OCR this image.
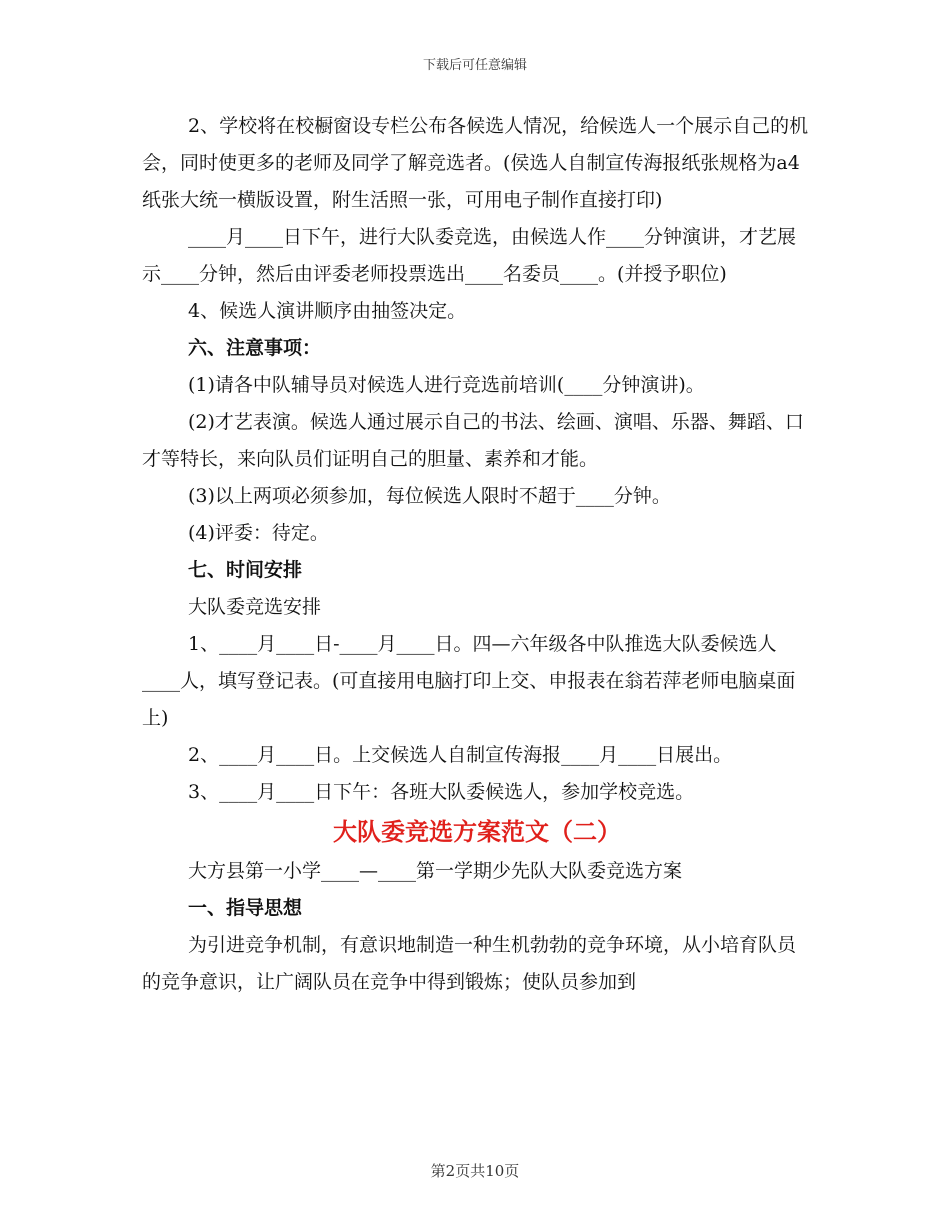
下载后可任意编辑

2、学校将在校橱窗设专栏公布各候选人情况，给候选人一个展示自己的机会，同时使更多的老师及同学了解竞选者。(侯选人自制宣传海报纸张规格为a4纸张大统一横版设置，附生活照一张，可用电子制作直接打印)

____月____日下午，进行大队委竞选，由候选人作____分钟演讲，才艺展示____分钟，然后由评委老师投票选出____名委员____。(并授予职位)

4、候选人演讲顺序由抽签决定。

六、注意事项：

(1)请各中队辅导员对候选人进行竞选前培训(____分钟演讲)。

(2)才艺表演。候选人通过展示自己的书法、绘画、演唱、乐器、舞蹈、口才等特长，来向队员们证明自己的胆量、素养和才能。

(3)以上两项必须参加，每位候选人限时不超于____分钟。

(4)评委：待定。

七、时间安排

大队委竞选安排

1、____月____日-____月____日。四—六年级各中队推选大队委候选人____人，填写登记表。(可直接用电脑打印上交、申报表在翁若萍老师电脑桌面上)

2、____月____日。上交候选人自制宣传海报____月____日展出。

3、____月____日下午：各班大队委候选人，参加学校竞选。

大队委竞选方案范文（二）

大方县第一小学____—____第一学期少先队大队委竞选方案

一、指导思想

为引进竞争机制，有意识地制造一种生机勃勃的竞争环境，从小培育队员的竞争意识，让广阔队员在竞争中得到锻炼；使队员参加到

第2页共10页
